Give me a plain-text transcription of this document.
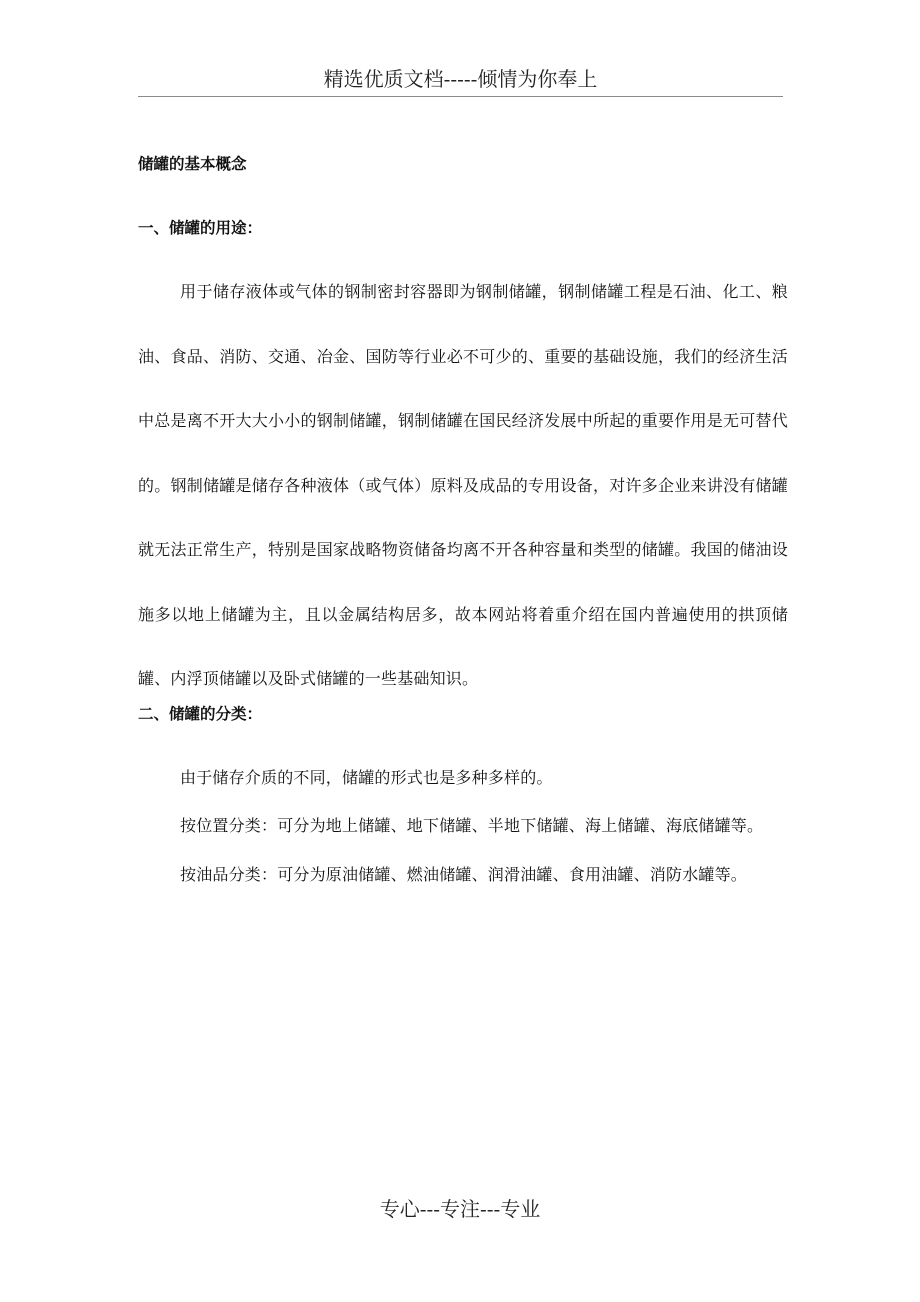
精选优质文档-----倾情为你奉上

储罐的基本概念

一、储罐的用途：

用于储存液体或气体的钢制密封容器即为钢制储罐，钢制储罐工程是石油、化工、粮油、食品、消防、交通、冶金、国防等行业必不可少的、重要的基础设施，我们的经济生活中总是离不开大大小小的钢制储罐，钢制储罐在国民经济发展中所起的重要作用是无可替代的。钢制储罐是储存各种液体（或气体）原料及成品的专用设备，对许多企业来讲没有储罐就无法正常生产，特别是国家战略物资储备均离不开各种容量和类型的储罐。我国的储油设施多以地上储罐为主，且以金属结构居多，故本网站将着重介绍在国内普遍使用的拱顶储罐、内浮顶储罐以及卧式储罐的一些基础知识。

二、储罐的分类：

由于储存介质的不同，储罐的形式也是多种多样的。

按位置分类：可分为地上储罐、地下储罐、半地下储罐、海上储罐、海底储罐等。

按油品分类：可分为原油储罐、燃油储罐、润滑油罐、食用油罐、消防水罐等。

专心---专注---专业
